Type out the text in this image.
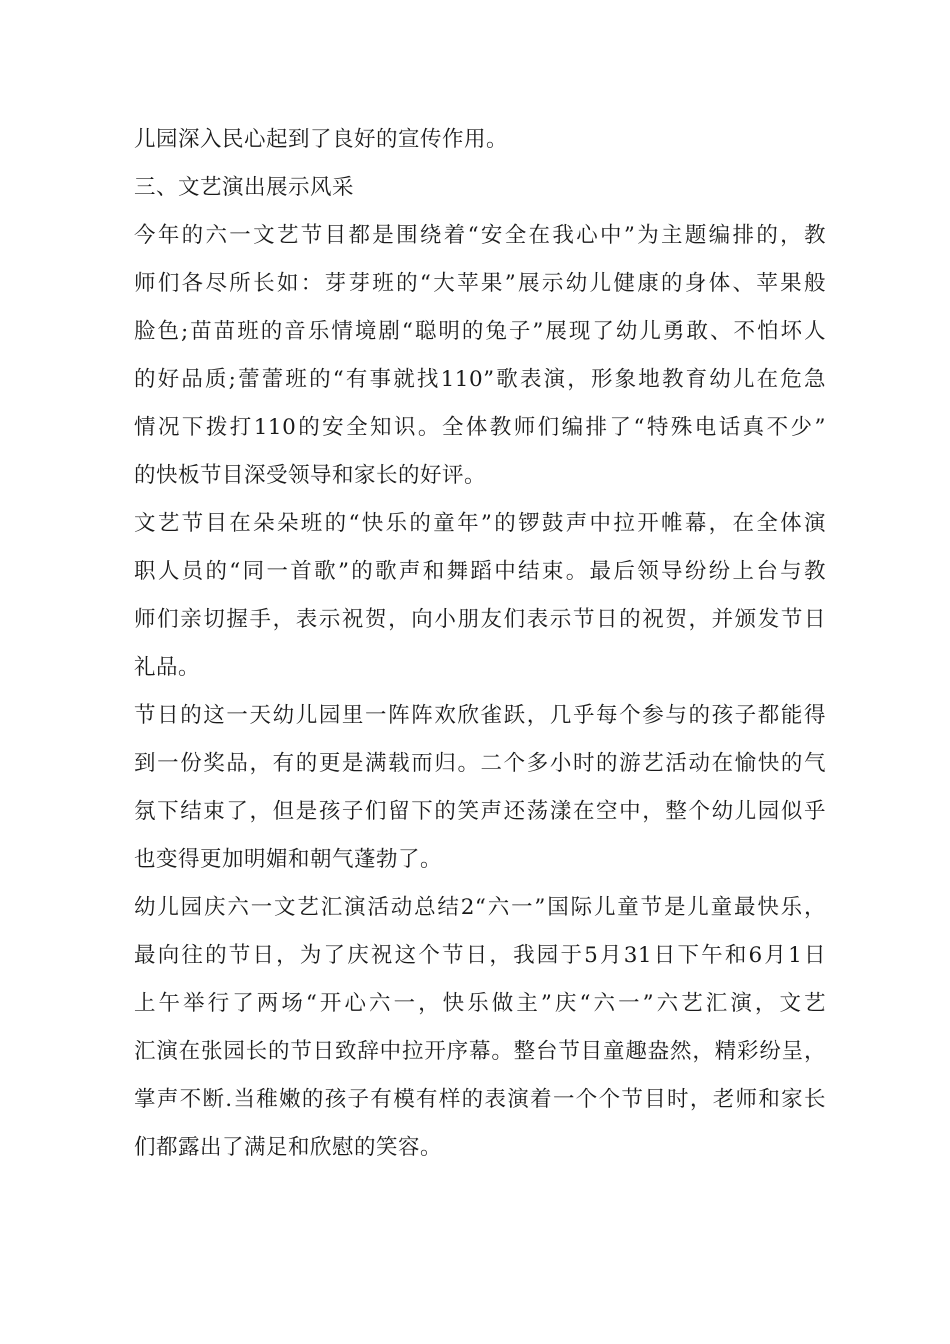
儿园深入民心起到了良好的宣传作用。
三、文艺演出展示风采
今年的六一文艺节目都是围绕着“安全在我心中”为主题编排的，教
师们各尽所长如：芽芽班的“大苹果”展示幼儿健康的身体、苹果般
脸色;苗苗班的音乐情境剧“聪明的兔子”展现了幼儿勇敢、不怕坏人
的好品质;蕾蕾班的“有事就找110”歌表演，形象地教育幼儿在危急
情况下拨打110的安全知识。全体教师们编排了“特殊电话真不少”
的快板节目深受领导和家长的好评。
文艺节目在朵朵班的“快乐的童年”的锣鼓声中拉开帷幕，在全体演
职人员的“同一首歌”的歌声和舞蹈中结束。最后领导纷纷上台与教
师们亲切握手，表示祝贺，向小朋友们表示节日的祝贺，并颁发节日
礼品。
节日的这一天幼儿园里一阵阵欢欣雀跃，几乎每个参与的孩子都能得
到一份奖品，有的更是满载而归。二个多小时的游艺活动在愉快的气
氛下结束了，但是孩子们留下的笑声还荡漾在空中，整个幼儿园似乎
也变得更加明媚和朝气蓬勃了。
幼儿园庆六一文艺汇演活动总结2“六一”国际儿童节是儿童最快乐，
最向往的节日，为了庆祝这个节日，我园于5月31日下午和6月1日
上午举行了两场“开心六一，快乐做主”庆“六一”六艺汇演，文艺
汇演在张园长的节日致辞中拉开序幕。整台节目童趣盎然，精彩纷呈，
掌声不断.当稚嫩的孩子有模有样的表演着一个个节目时，老师和家长
们都露出了满足和欣慰的笑容。
